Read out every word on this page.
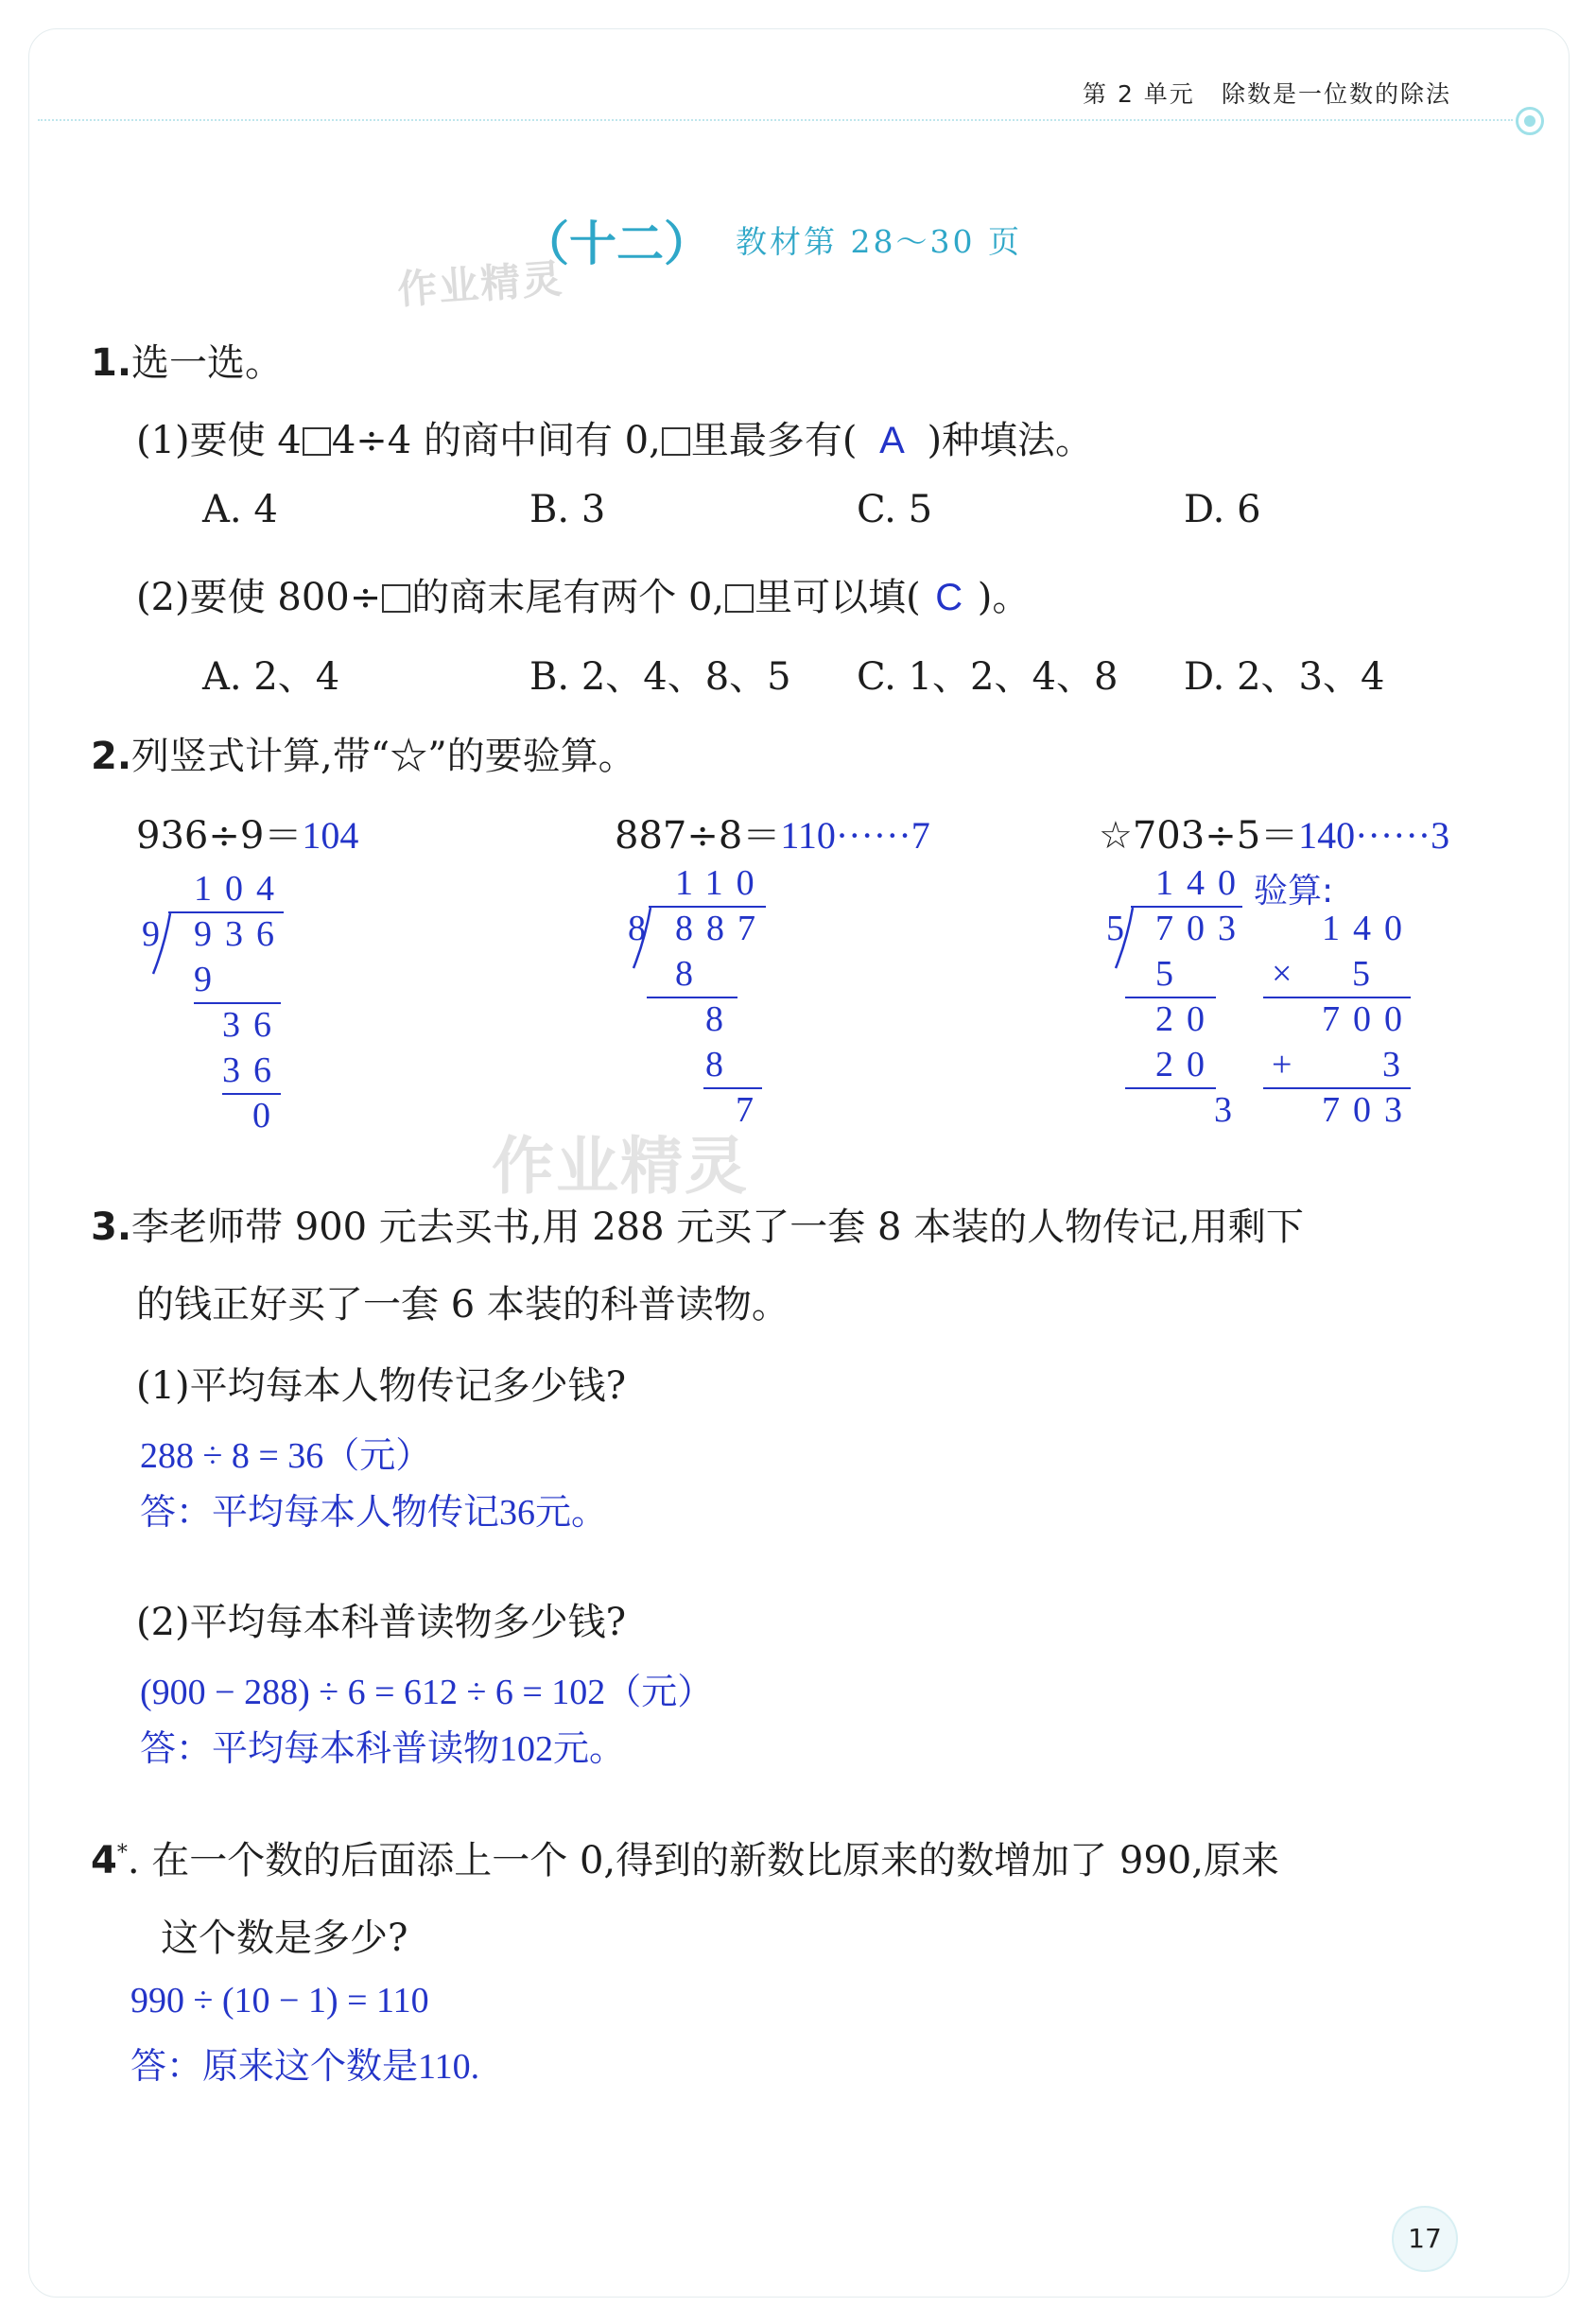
第 2 单元 除数是一位数的除法
（十二） 教材第 28～30 页
作业精灵
1.选一选。
(1)要使 4 4÷4 的商中间有 0, 里最多有( A )种填法。
A. 4	B. 3	C. 5	D. 6
(2)要使 800÷ 的商末尾有两个 0, 里可以填( C )。
A. 2、4	B. 2、4、8、5 C. 1、2、4、8 D. 2、3、4
2.列竖式计算,带“☆”的要验算。
936÷9＝104
104
9 936
9
36
36
0
887÷8＝110······7
110
8 887
8
8
8
7
☆703÷5＝140······3
140 验算:
5 703
5
20
20
3
140
× 5
700
+ 3
703
作业精灵
3.李老师带 900 元去买书,用 288 元买了一套 8 本装的人物传记,用剩下
的钱正好买了一套 6 本装的科普读物。
(1)平均每本人物传记多少钱?
288 ÷ 8 = 36（元）
答：平均每本人物传记36元。
(2)平均每本科普读物多少钱?
(900 − 288) ÷ 6 = 612 ÷ 6 = 102（元）
答：平均每本科普读物102元。
4*. 在一个数的后面添上一个 0,得到的新数比原来的数增加了 990,原来
这个数是多少?
990 ÷ (10 − 1) = 110
答：原来这个数是110.
17
